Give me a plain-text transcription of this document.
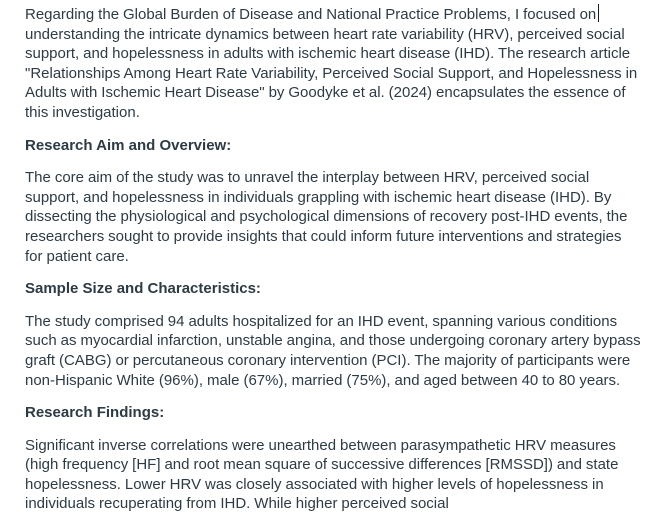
Regarding the Global Burden of Disease and National Practice Problems, I focused on understanding the intricate dynamics between heart rate variability (HRV), perceived social support, and hopelessness in adults with ischemic heart disease (IHD). The research article "Relationships Among Heart Rate Variability, Perceived Social Support, and Hopelessness in Adults with Ischemic Heart Disease" by Goodyke et al. (2024) encapsulates the essence of this investigation.

Research Aim and Overview:

The core aim of the study was to unravel the interplay between HRV, perceived social support, and hopelessness in individuals grappling with ischemic heart disease (IHD). By dissecting the physiological and psychological dimensions of recovery post-IHD events, the researchers sought to provide insights that could inform future interventions and strategies for patient care.

Sample Size and Characteristics:

The study comprised 94 adults hospitalized for an IHD event, spanning various conditions such as myocardial infarction, unstable angina, and those undergoing coronary artery bypass graft (CABG) or percutaneous coronary intervention (PCI). The majority of participants were non-Hispanic White (96%), male (67%), married (75%), and aged between 40 to 80 years.

Research Findings:

Significant inverse correlations were unearthed between parasympathetic HRV measures (high frequency [HF] and root mean square of successive differences [RMSSD]) and state hopelessness. Lower HRV was closely associated with higher levels of hopelessness in individuals recuperating from IHD. While higher perceived social
